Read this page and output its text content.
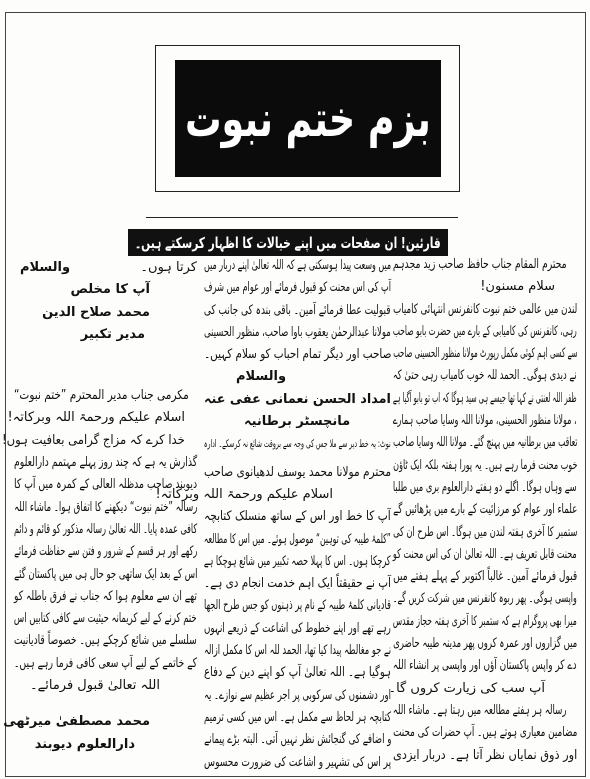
بزم ختم نبوت
قارئین! ان صفحات میں اپنے خیالات کا اظہار کرسکتے ہیں۔
محترم المقام جناب حافظ صاحب زید مجدہم
سلام مسنون!
لندن میں عالمی ختم نبوت کانفرنس انتہائی کامیاب
رہی، کانفرنس کی کامیابی کے بارے میں حضرت بابو صاحب
سے کسی اہم کوئی مکمل رپورٹ مولانا منظور الحسینی صاحب
نے دیدی ہوگی۔ الحمد للہ خوب کامیاب رہی حتیٰ کہ
ظفر اللہ لعنتی نے کہا تھا جیسے ہی سید ہوگا کہ اب تو بابو آگیا ہے
، مولانا منظور الحسینی، مولانا اللہ وسایا صاحب ہمارے
تعاقب میں برطانیہ میں پہنچ گئے۔ مولانا اللہ وسایا صاحب
خوب محنت فرما رہے ہیں۔ یہ پورا ہفتہ بلکہ ایک ٹاؤن
سے وہاں ہوگا۔ اگلے دو ہفتے دارالعلوم بری میں طلبا
علماء اور عوام کو مرزائیت کے بارے میں پڑھائیں گے
ستمبر کا آخری ہفتہ لندن میں ہوگا۔ اس طرح ان کی
محنت قابل تعریف ہے۔ اللہ تعالیٰ ان کی اس محنت کو
قبول فرمائے آمین۔ غالباً اکتوبر کے پہلے ہفتے میں
واپسی ہوگی۔ پھر ربوہ کانفرنس میں شرکت کریں گے۔
میرا بھی پروگرام ہے کہ ستمبر کا آخری ہفتہ حجاز مقدس
میں گزاروں اور عمرہ کروں پھر مدینہ طیبہ حاضری
دے کر واپس پاکستان آؤں اور واپسی پر انشاء اللہ
آپ سب کی زیارت کروں گا۔
رسالہ ہر ہفتے مطالعہ میں رہتا ہے۔ ماشاء اللہ
مضامین معیاری ہوتے ہیں۔ آپ حضرات کی محنت
اور ذوق نمایاں نظر آتا ہے۔ دربار ایزدی
میں وسعت پیدا ہوسکتی ہے کہ اللہ تعالیٰ اپنے دربار میں
آپ کی اس محنت کو قبول فرمائے اور عوام میں شرف
قبولیت عطا فرمائے آمین۔ باقی بندہ کی جانب کی
مولانا عبدالرحمٰن یعقوب باوا صاحب، منظور الحسینی
صاحب اور دیگر تمام احباب کو سلام کہیں۔
والسلام
امداد الحسن نعمانی عفی عنہ
مانچسٹر برطانیہ
نوٹ: یہ خط دیر سے ملا جس کی وجہ سے بروقت شائع نہ کرسکے۔ ادارہ
محترم مولانا محمد یوسف لدھیانوی صاحب
اسلام علیکم ورحمۃ اللہ وبرکاتہ!
آپ کا خط اور اس کے ساتھ منسلک کتابچہ
”کلمۂ طیبہ کی توہین“ موصول ہوئے۔ میں اس کا مطالعہ
کرچکا ہوں۔ اس کا پہلا حصہ تکبیر میں شائع ہوچکا ہے
آپ نے حقیقتاً ایک اہم خدمت انجام دی ہے۔
قادیانی کلمۂ طیبہ کے نام پر ذہنوں کو جس طرح الجھا
رہے تھے اور اپنے خطوط کی اشاعت کے ذریعے انہوں
نے جو مغالطہ پیدا کیا تھا، الحمد للہ اس کا مکمل ازالہ
ہوگیا ہے۔ اللہ تعالیٰ آپ کو اپنے دین کے دفاع
اور دشمنوں کی سرکوبی پر اجر عظیم سے نوازے۔ یہ
کتابچہ ہر لحاظ سے مکمل ہے۔ اس میں کسی ترمیم
و اضافے کی گنجائش نظر نہیں آتی۔ البتہ بڑے پیمانے
پر اس کی تشہیر و اشاعت کی ضرورت محسوس
کرتا ہوں۔
والسلام
آپ کا مخلص
محمد صلاح الدین
مدیر تکبیر
مکرمی جناب مدیر المحترم ”ختم نبوت“
اسلام علیکم ورحمۃ اللہ وبرکاتہ!
خدا کرے کہ مزاج گرامی بعافیت ہوں!
گذارش یہ ہے کہ چند روز پہلے مہتمم دارالعلوم
دیوبند صاحب مدظلہ العالی کے کمرہ میں آپ کا
رسالہ ”ختم نبوت“ دیکھنے کا اتفاق ہوا۔ ماشاء اللہ
کافی عمدہ پایا۔ اللہ تعالیٰ رسالہ مذکور کو قائم و دائم
رکھے اور ہر قسم کے شرور و فتن سے حفاظت فرمائے
اس کے بعد ایک ساتھی جو حال ہی میں پاکستان گئے
تھے ان سے معلوم ہوا کہ جناب نے فرق باطلہ کو
ختم کرنے کے لیے کریمانہ حیثیت سے کافی کتابیں اس
سلسلے میں شائع کرچکے ہیں۔ خصوصاً قادیانیت
کے خاتمے کے لیے آپ سعی کافی فرما رہے ہیں۔
اللہ تعالیٰ قبول فرمائے۔
محمد مصطفیٰ میرٹھی
دارالعلوم دیوبند
